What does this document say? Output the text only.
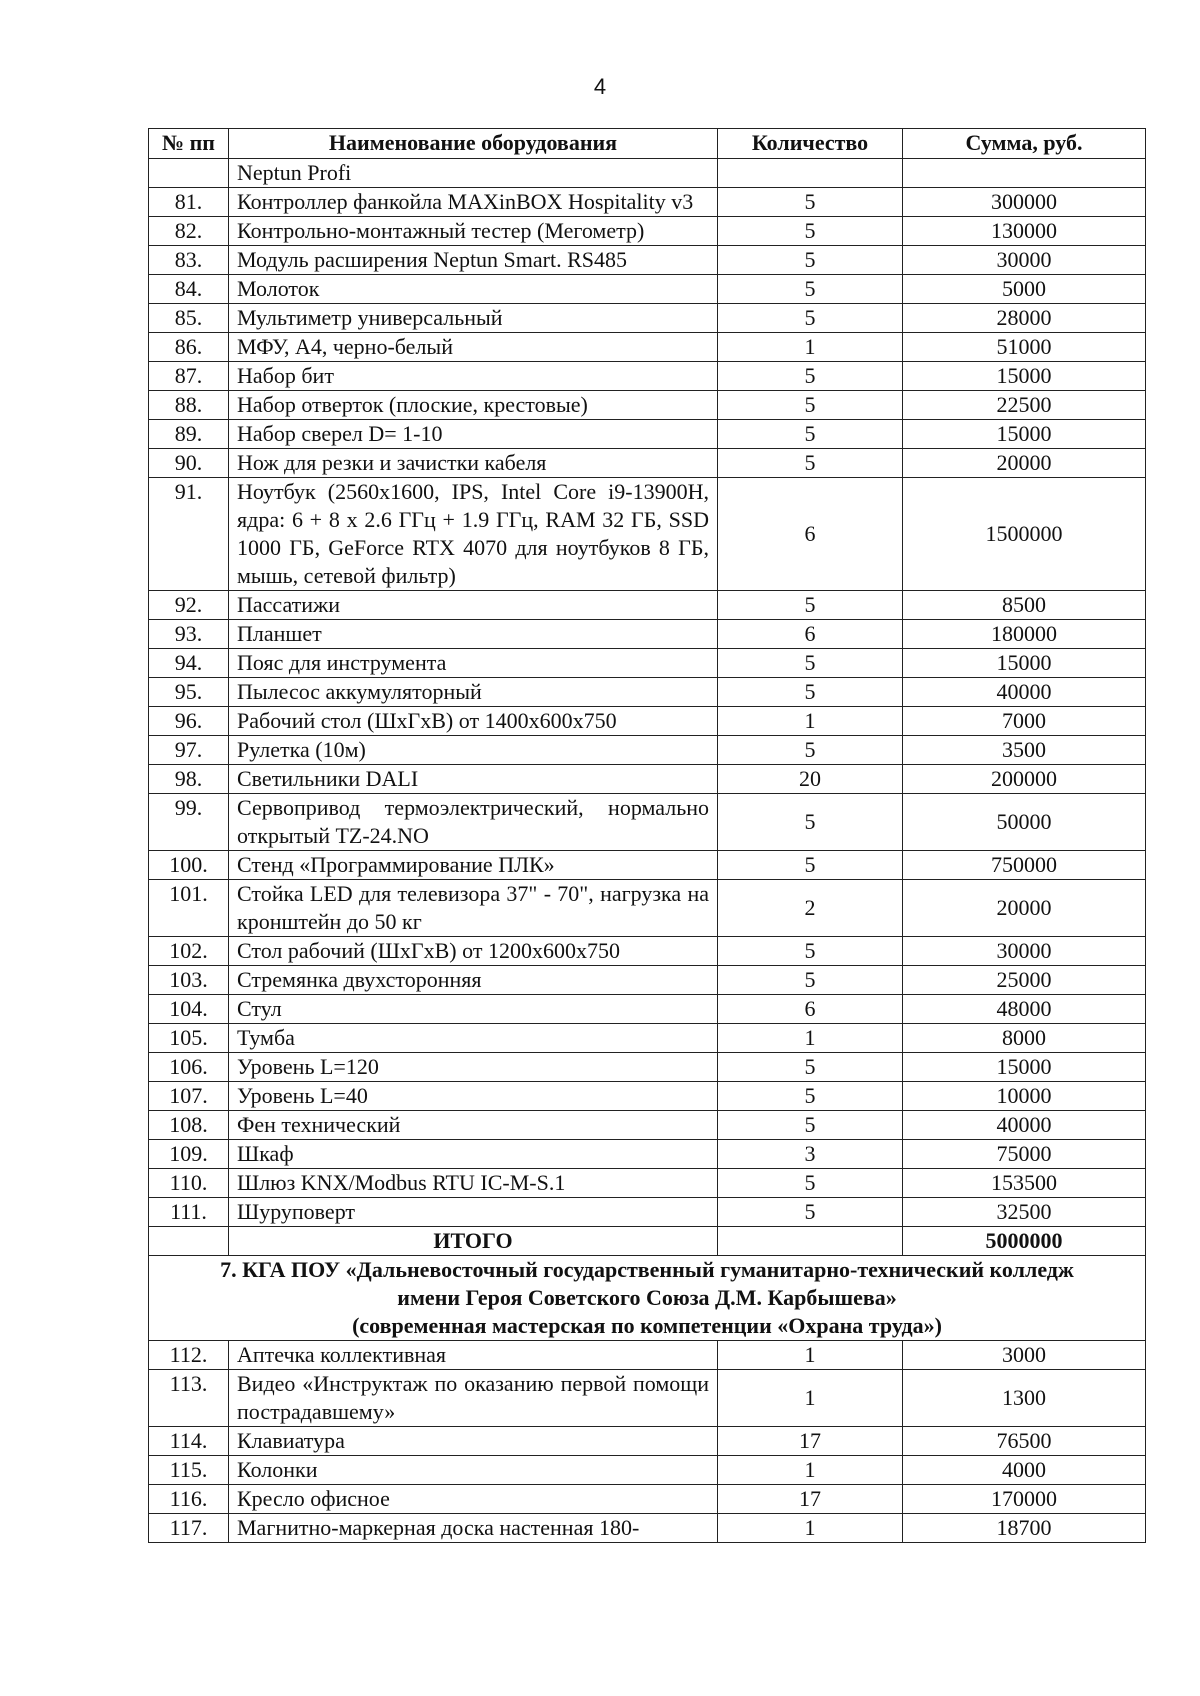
4
№ пп	Наименование оборудования	Количество	Сумма, руб.
	Neptun Profi		
81.	Контроллер фанкойла MAXinBOX Hospitality v3	5	300000
82.	Контрольно-монтажный тестер (Мегометр)	5	130000
83.	Модуль расширения Neptun Smart. RS485	5	30000
84.	Молоток	5	5000
85.	Мультиметр универсальный	5	28000
86.	МФУ, А4, черно-белый	1	51000
87.	Набор бит	5	15000
88.	Набор отверток (плоские, крестовые)	5	22500
89.	Набор сверел D= 1-10	5	15000
90.	Нож для резки и зачистки кабеля	5	20000
91.	Ноутбук (2560x1600, IPS, Intel Core i9-13900H, ядра: 6 + 8 x 2.6 ГГц + 1.9 ГГц, RAM 32 ГБ, SSD 1000 ГБ, GeForce RTX 4070 для ноутбуков 8 ГБ, мышь, сетевой фильтр)	6	1500000
92.	Пассатижи	5	8500
93.	Планшет	6	180000
94.	Пояс для инструмента	5	15000
95.	Пылесос аккумуляторный	5	40000
96.	Рабочий стол (ШхГхВ) от 1400x600x750	1	7000
97.	Рулетка (10м)	5	3500
98.	Светильники DALI	20	200000
99.	Сервопривод термоэлектрический, нормально открытый TZ-24.NO	5	50000
100.	Стенд «Программирование ПЛК»	5	750000
101.	Стойка LED для телевизора 37" - 70", нагрузка на кронштейн до 50 кг	2	20000
102.	Стол рабочий (ШхГхВ) от 1200x600x750	5	30000
103.	Стремянка двухсторонняя	5	25000
104.	Стул	6	48000
105.	Тумба	1	8000
106.	Уровень L=120	5	15000
107.	Уровень L=40	5	10000
108.	Фен технический	5	40000
109.	Шкаф	3	75000
110.	Шлюз KNX/Modbus RTU IC-M-S.1	5	153500
111.	Шуруповерт	5	32500
	ИТОГО		5000000

7. КГА ПОУ «Дальневосточный государственный гуманитарно-технический колледж
имени Героя Советского Союза Д.М. Карбышева»
(современная мастерская по компетенции «Охрана труда»)			

112.	Аптечка коллективная	1	3000
113.	Видео «Инструктаж по оказанию первой помощи пострадавшему»	1	1300
114.	Клавиатура	17	76500
115.	Колонки	1	4000
116.	Кресло офисное	17	170000
117.	Магнитно-маркерная доска настенная 180-	1	18700
